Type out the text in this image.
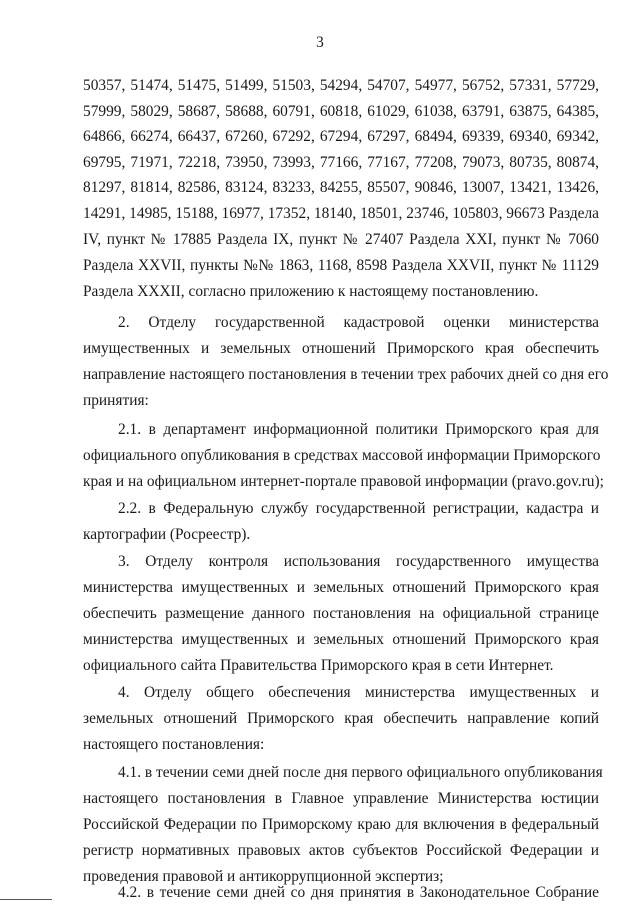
3
50357, 51474, 51475, 51499, 51503, 54294, 54707, 54977, 56752, 57331, 57729,
57999, 58029, 58687, 58688, 60791, 60818, 61029, 61038, 63791, 63875, 64385,
64866, 66274, 66437, 67260, 67292, 67294, 67297, 68494, 69339, 69340, 69342,
69795, 71971, 72218, 73950, 73993, 77166, 77167, 77208, 79073, 80735, 80874,
81297, 81814, 82586, 83124, 83233, 84255, 85507, 90846, 13007, 13421, 13426,
14291, 14985, 15188, 16977, 17352, 18140, 18501, 23746, 105803, 96673 Раздела
IV, пункт № 17885 Раздела IX, пункт № 27407 Раздела XXI, пункт № 7060
Раздела XXVII, пункты №№ 1863, 1168, 8598 Раздела XXVII, пункт № 11129
Раздела XXXII, согласно приложению к настоящему постановлению.
2. Отделу государственной кадастровой оценки министерства
имущественных и земельных отношений Приморского края обеспечить
направление настоящего постановления в течении трех рабочих дней со дня его
принятия:
2.1. в департамент информационной политики Приморского края для
официального опубликования в средствах массовой информации Приморского
края и на официальном интернет-портале правовой информации (pravo.gov.ru);
2.2. в Федеральную службу государственной регистрации, кадастра и
картографии (Росреестр).
3. Отделу контроля использования государственного имущества
министерства имущественных и земельных отношений Приморского края
обеспечить размещение данного постановления на официальной странице
министерства имущественных и земельных отношений Приморского края
официального сайта Правительства Приморского края в сети Интернет.
4. Отделу общего обеспечения министерства имущественных и
земельных отношений Приморского края обеспечить направление копий
настоящего постановления:
4.1. в течении семи дней после дня первого официального опубликования
настоящего постановления в Главное управление Министерства юстиции
Российской Федерации по Приморскому краю для включения в федеральный
регистр нормативных правовых актов субъектов Российской Федерации и
проведения правовой и антикоррупционной экспертиз;
4.2. в течение семи дней со дня принятия в Законодательное Собрание
